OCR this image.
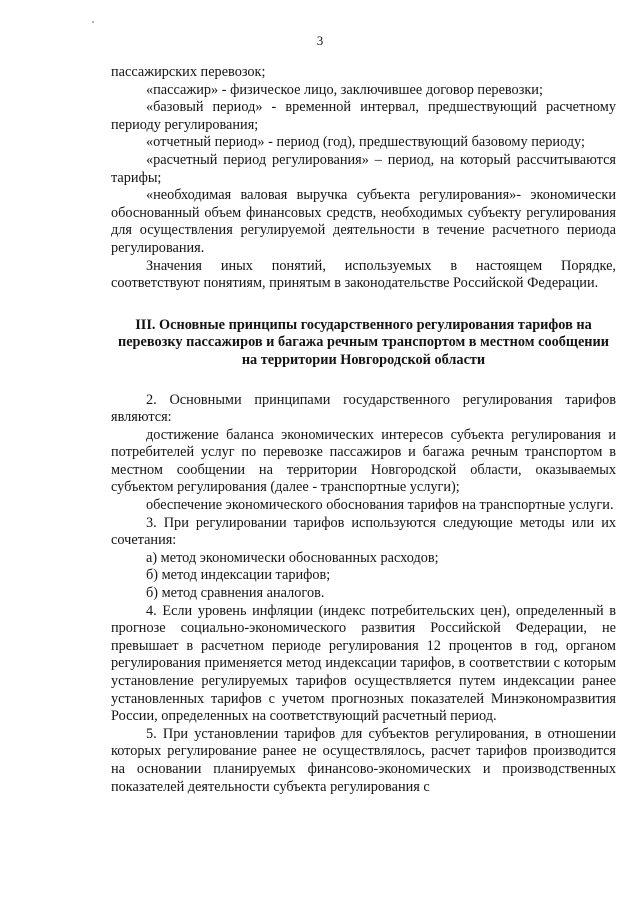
3

пассажирских перевозок;

«пассажир» - физическое лицо, заключившее договор перевозки;

«базовый период» - временной интервал, предшествующий расчетному периоду регулирования;

«отчетный период» - период (год), предшествующий базовому периоду;

«расчетный период регулирования» – период, на который рассчитываются тарифы;

«необходимая валовая выручка субъекта регулирования»- экономически обоснованный объем финансовых средств, необходимых субъекту регулирования для осуществления регулируемой деятельности в течение расчетного периода регулирования.

Значения иных понятий, используемых в настоящем Порядке, соответствуют понятиям, принятым в законодательстве Российской Федерации.

III. Основные принципы государственного регулирования тарифов на перевозку пассажиров и багажа речным транспортом в местном сообщении на территории Новгородской области

2. Основными принципами государственного регулирования тарифов являются:

достижение баланса экономических интересов субъекта регулирования и потребителей услуг по перевозке пассажиров и багажа речным транспортом в местном сообщении на территории Новгородской области, оказываемых субъектом регулирования (далее - транспортные услуги);

обеспечение экономического обоснования тарифов на транспортные услуги.

3. При регулировании тарифов используются следующие методы или их сочетания:

а) метод экономически обоснованных расходов;

б) метод индексации тарифов;

б) метод сравнения аналогов.

4. Если уровень инфляции (индекс потребительских цен), определенный в прогнозе социально-экономического развития Российской Федерации, не превышает в расчетном периоде регулирования 12 процентов в год, органом регулирования применяется метод индексации тарифов, в соответствии с которым установление регулируемых тарифов осуществляется путем индексации ранее установленных тарифов с учетом прогнозных показателей Минэкономразвития России, определенных на соответствующий расчетный период.

5. При установлении тарифов для субъектов регулирования, в отношении которых регулирование ранее не осуществлялось, расчет тарифов производится на основании планируемых финансово-экономических и производственных показателей деятельности субъекта регулирования с
